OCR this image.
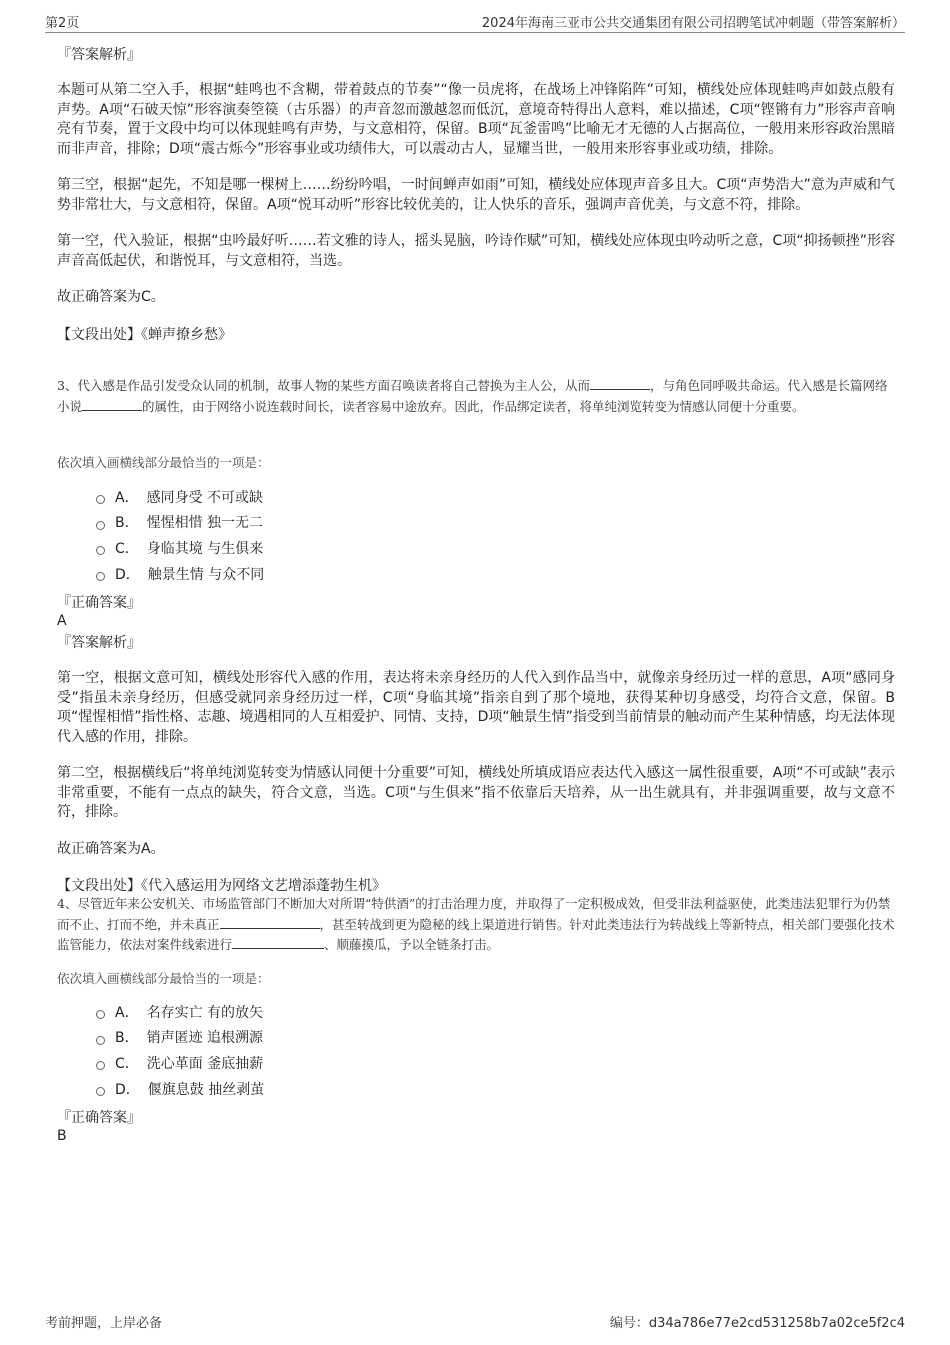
第2页	2024年海南三亚市公共交通集团有限公司招聘笔试冲刺题（带答案解析）
『答案解析』

本题可从第二空入手，根据“蛙鸣也不含糊，带着鼓点的节奏”“像一员虎将，在战场上冲锋陷阵”可知，横线处应体现蛙鸣声如鼓点般有声势。A项“石破天惊”形容演奏箜篌（古乐器）的声音忽而激越忽而低沉，意境奇特得出人意料，难以描述，C项“铿锵有力”形容声音响亮有节奏，置于文段中均可以体现蛙鸣有声势，与文意相符，保留。B项“瓦釜雷鸣”比喻无才无德的人占据高位，一般用来形容政治黑暗而非声音，排除；D项“震古烁今”形容事业或功绩伟大，可以震动古人，显耀当世，一般用来形容事业或功绩，排除。

第三空，根据“起先，不知是哪一棵树上……纷纷吟唱，一时间蝉声如雨”可知，横线处应体现声音多且大。C项“声势浩大”意为声威和气势非常壮大，与文意相符，保留。A项“悦耳动听”形容比较优美的，让人快乐的音乐，强调声音优美，与文意不符，排除。

第一空，代入验证，根据“虫吟最好听……若文雅的诗人，摇头晃脑，吟诗作赋”可知，横线处应体现虫吟动听之意，C项“抑扬顿挫”形容声音高低起伏，和谐悦耳，与文意相符，当选。

故正确答案为C。

【文段出处】《蝉声撩乡愁》
3、代入感是作品引发受众认同的机制，故事人物的某些方面召唤读者将自己替换为主人公，从而	，与角色同呼吸共命运。代入感是长篇网络小说	的属性，由于网络小说连载时间长，读者容易中途放弃。因此，作品绑定读者，将单纯浏览转变为情感认同便十分重要。
依次填入画横线部分最恰当的一项是：
A． 感同身受 不可或缺
B． 惺惺相惜 独一无二
C． 身临其境 与生俱来
D． 触景生情 与众不同
『正确答案』
A
『答案解析』

第一空，根据文意可知，横线处形容代入感的作用，表达将未亲身经历的人代入到作品当中，就像亲身经历过一样的意思，A项“感同身受”指虽未亲身经历，但感受就同亲身经历过一样，C项“身临其境”指亲自到了那个境地，获得某种切身感受，均符合文意，保留。B项“惺惺相惜”指性格、志趣、境遇相同的人互相爱护、同情、支持，D项“触景生情”指受到当前情景的触动而产生某种情感，均无法体现代入感的作用，排除。

第二空，根据横线后“将单纯浏览转变为情感认同便十分重要”可知，横线处所填成语应表达代入感这一属性很重要，A项“不可或缺”表示非常重要，不能有一点点的缺失，符合文意，当选。C项“与生俱来”指不依靠后天培养，从一出生就具有，并非强调重要，故与文意不符，排除。

故正确答案为A。

【文段出处】《代入感运用为网络文艺增添蓬勃生机》
4、尽管近年来公安机关、市场监管部门不断加大对所谓“特供酒”的打击治理力度，并取得了一定积极成效，但受非法利益驱使，此类违法犯罪行为仍禁而不止、打而不绝，并未真正	，甚至转战到更为隐秘的线上渠道进行销售。针对此类违法行为转战线上等新特点，相关部门要强化技术监管能力，依法对案件线索进行	、顺藤摸瓜，予以全链条打击。
依次填入画横线部分最恰当的一项是：
A． 名存实亡 有的放矢
B． 销声匿迹 追根溯源
C． 洗心革面 釜底抽薪
D． 偃旗息鼓 抽丝剥茧
『正确答案』
B
考前押题，上岸必备	编号：d34a786e77e2cd531258b7a02ce5f2c4
